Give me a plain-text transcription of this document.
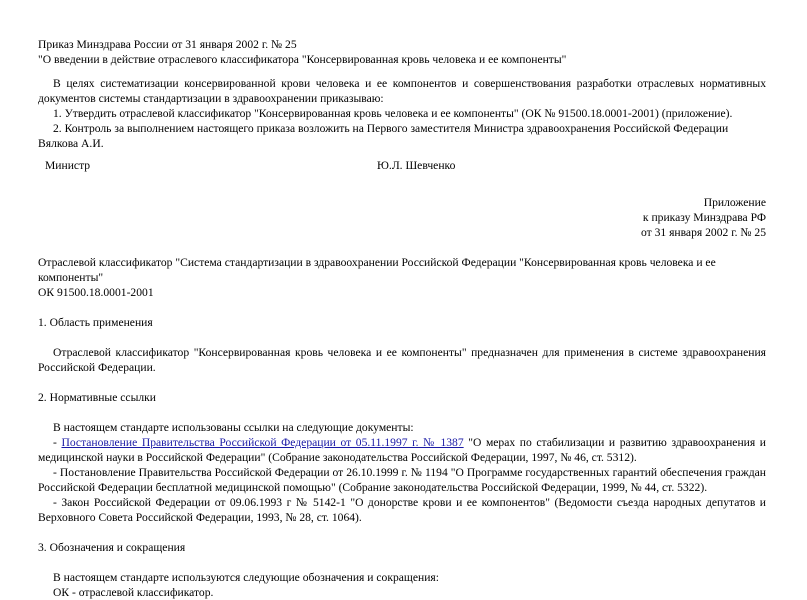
Приказ Минздрава России от 31 января 2002 г. № 25

"О введении в действие отраслевого классификатора "Консервированная кровь человека и ее компоненты"

В целях систематизации консервированной крови человека и ее компонентов и совершенствования разработки отраслевых нормативных документов системы стандартизации в здравоохранении приказываю:

1. Утвердить отраслевой классификатор "Консервированная кровь человека и ее компоненты" (ОК № 91500.18.0001-2001) (приложение).

2. Контроль за выполнением настоящего приказа возложить на Первого заместителя Министра здравоохранения Российской Федерации Вялкова А.И.

Министр	Ю.Л. Шевченко

Приложение

к приказу Минздрава РФ

от 31 января 2002 г. № 25

Отраслевой классификатор "Система стандартизации в здравоохранении Российской Федерации "Консервированная кровь человека и ее компоненты"

ОК 91500.18.0001-2001

1. Область применения

Отраслевой классификатор "Консервированная кровь человека и ее компоненты" предназначен для применения в системе здравоохранения Российской Федерации.

2. Нормативные ссылки

В настоящем стандарте использованы ссылки на следующие документы:

- Постановление Правительства Российской Федерации от 05.11.1997 г. № 1387 "О мерах по стабилизации и развитию здравоохранения и медицинской науки в Российской Федерации" (Собрание законодательства Российской Федерации, 1997, № 46, ст. 5312).

- Постановление Правительства Российской Федерации от 26.10.1999 г. № 1194 "О Программе государственных гарантий обеспечения граждан Российской Федерации бесплатной медицинской помощью" (Собрание законодательства Российской Федерации, 1999, № 44, ст. 5322).

- Закон Российской Федерации от 09.06.1993 г № 5142-1 "О донорстве крови и ее компонентов" (Ведомости съезда народных депутатов и Верховного Совета Российской Федерации, 1993, № 28, ст. 1064).

3. Обозначения и сокращения

В настоящем стандарте используются следующие обозначения и сокращения:

ОК - отраслевой классификатор.
